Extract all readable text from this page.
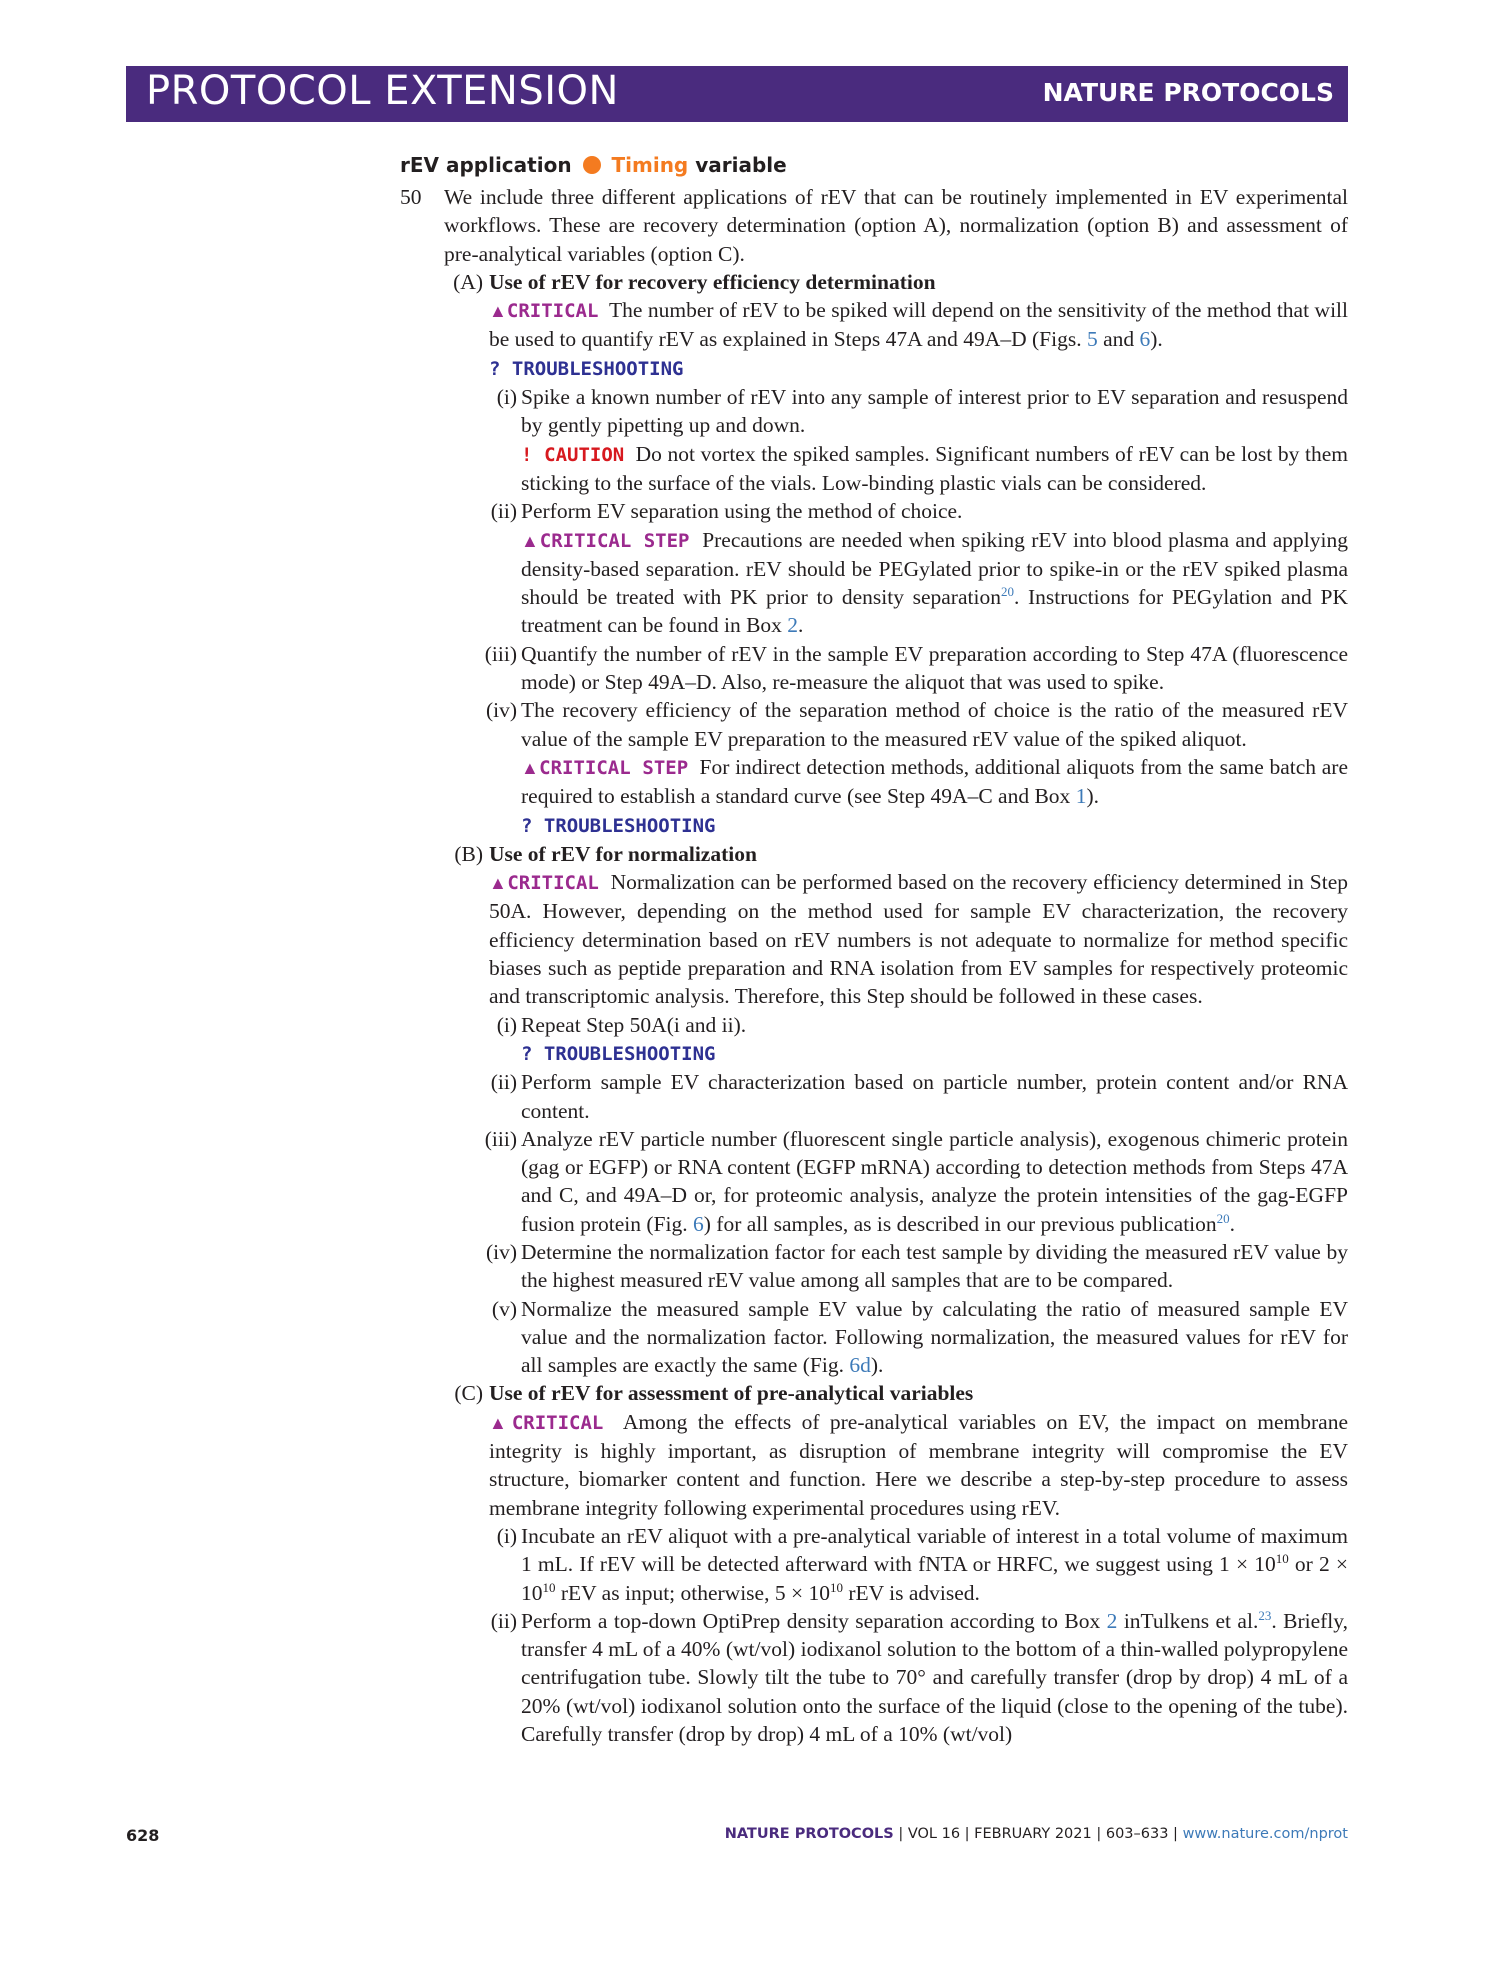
PROTOCOL EXTENSION	NATURE PROTOCOLS
rEV application Timing variable

50 We include three different applications of rEV that can be routinely implemented in EV experimental workflows. These are recovery determination (option A), normalization (option B) and assessment of pre-analytical variables (option C).

(A) Use of rEV for recovery efficiency determination

▲CRITICAL The number of rEV to be spiked will depend on the sensitivity of the method that will be used to quantify rEV as explained in Steps 47A and 49A–D (Figs. 5 and 6).

? TROUBLESHOOTING

(i) Spike a known number of rEV into any sample of interest prior to EV separation and resuspend by gently pipetting up and down.

! CAUTION Do not vortex the spiked samples. Significant numbers of rEV can be lost by them sticking to the surface of the vials. Low-binding plastic vials can be considered.

(ii) Perform EV separation using the method of choice.

▲CRITICAL STEP Precautions are needed when spiking rEV into blood plasma and applying density-based separation. rEV should be PEGylated prior to spike-in or the rEV spiked plasma should be treated with PK prior to density separation$^{20}$. Instructions for PEGylation and PK treatment can be found in Box 2.

(iii) Quantify the number of rEV in the sample EV preparation according to Step 47A (fluorescence mode) or Step 49A–D. Also, re-measure the aliquot that was used to spike.

(iv) The recovery efficiency of the separation method of choice is the ratio of the measured rEV value of the sample EV preparation to the measured rEV value of the spiked aliquot.

▲CRITICAL STEP For indirect detection methods, additional aliquots from the same batch are required to establish a standard curve (see Step 49A–C and Box 1).

? TROUBLESHOOTING

(B) Use of rEV for normalization

▲CRITICAL Normalization can be performed based on the recovery efficiency determined in Step 50A. However, depending on the method used for sample EV characterization, the recovery efficiency determination based on rEV numbers is not adequate to normalize for method specific biases such as peptide preparation and RNA isolation from EV samples for respectively proteomic and transcriptomic analysis. Therefore, this Step should be followed in these cases.

(i) Repeat Step 50A(i and ii).

? TROUBLESHOOTING

(ii) Perform sample EV characterization based on particle number, protein content and/or RNA content.

(iii) Analyze rEV particle number (fluorescent single particle analysis), exogenous chimeric protein (gag or EGFP) or RNA content (EGFP mRNA) according to detection methods from Steps 47A and C, and 49A–D or, for proteomic analysis, analyze the protein intensities of the gag-EGFP fusion protein (Fig. 6) for all samples, as is described in our previous publication$^{20}$.

(iv) Determine the normalization factor for each test sample by dividing the measured rEV value by the highest measured rEV value among all samples that are to be compared.

(v) Normalize the measured sample EV value by calculating the ratio of measured sample EV value and the normalization factor. Following normalization, the measured values for rEV for all samples are exactly the same (Fig. 6d).

(C) Use of rEV for assessment of pre-analytical variables

▲CRITICAL Among the effects of pre-analytical variables on EV, the impact on membrane integrity is highly important, as disruption of membrane integrity will compromise the EV structure, biomarker content and function. Here we describe a step-by-step procedure to assess membrane integrity following experimental procedures using rEV.

(i) Incubate an rEV aliquot with a pre-analytical variable of interest in a total volume of maximum 1 mL. If rEV will be detected afterward with fNTA or HRFC, we suggest using $1 \times 10^{10}$ or $2 \times 10^{10}$ rEV as input; otherwise, $5 \times 10^{10}$ rEV is advised.

(ii) Perform a top-down OptiPrep density separation according to Box 2 inTulkens et al.$^{23}$. Briefly, transfer 4 mL of a 40% (wt/vol) iodixanol solution to the bottom of a thin-walled polypropylene centrifugation tube. Slowly tilt the tube to 70° and carefully transfer (drop by drop) 4 mL of a 20% (wt/vol) iodixanol solution onto the surface of the liquid (close to the opening of the tube). Carefully transfer (drop by drop) 4 mL of a 10% (wt/vol)

628	NATURE PROTOCOLS | VOL 16 | FEBRUARY 2021 | 603–633 | www.nature.com/nprot
